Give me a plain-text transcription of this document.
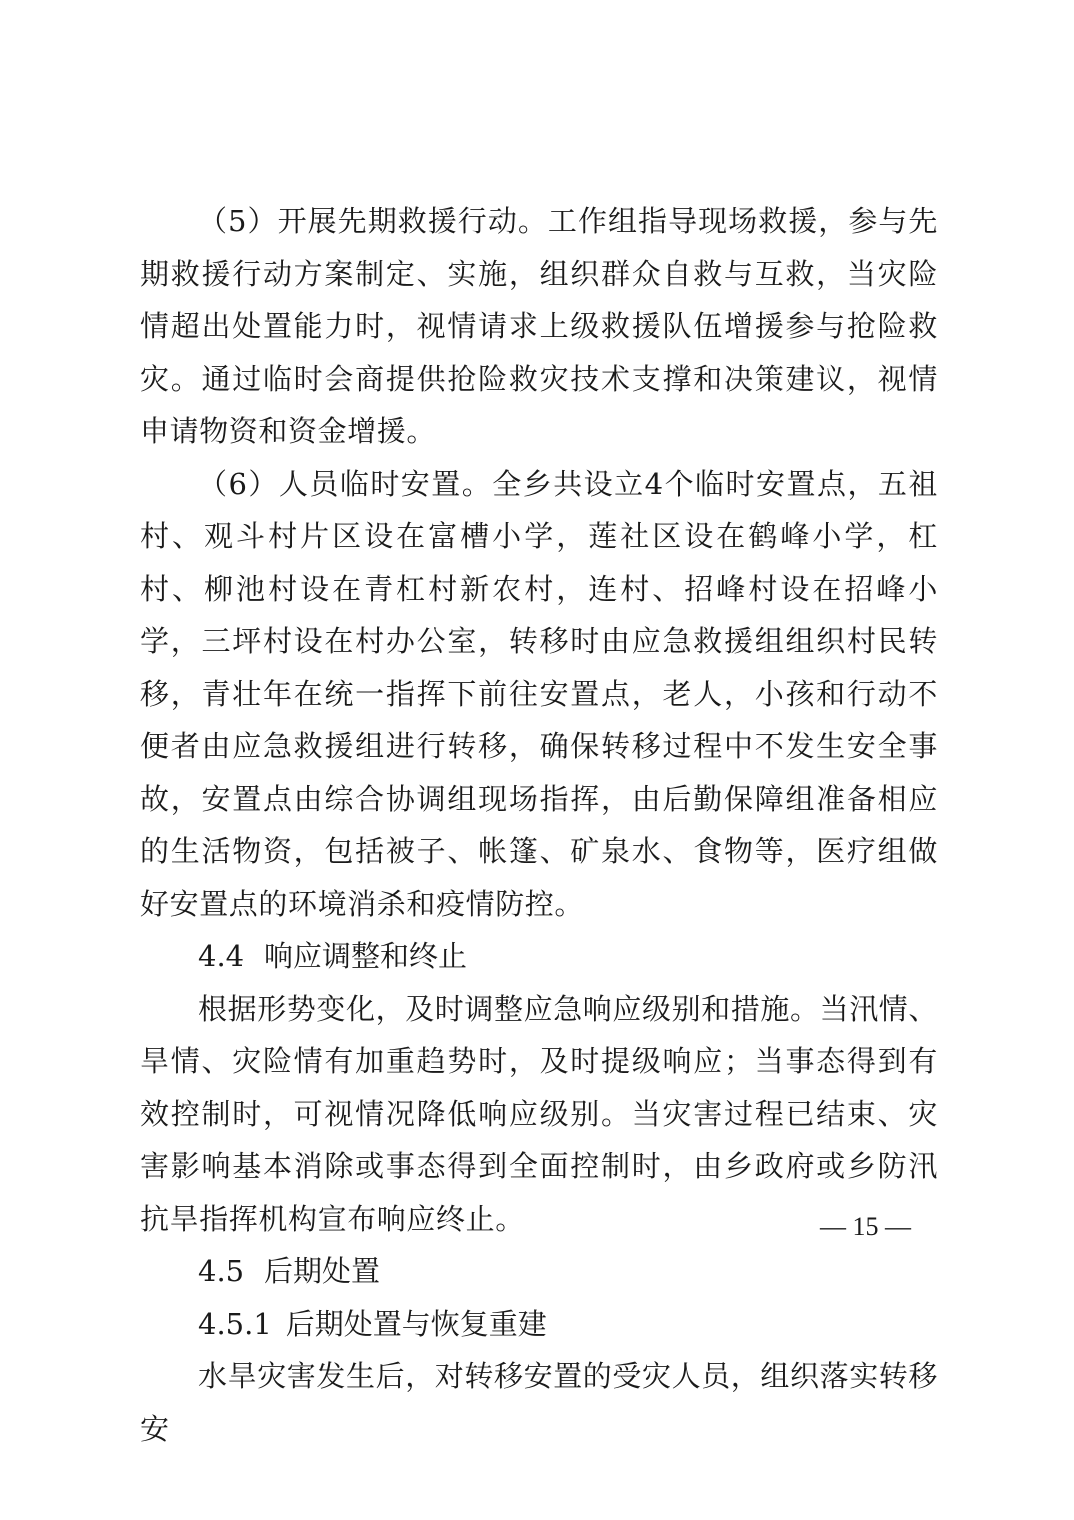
（5）开展先期救援行动。工作组指导现场救援，参与先期救援行动方案制定、实施，组织群众自救与互救，当灾险情超出处置能力时，视情请求上级救援队伍增援参与抢险救灾。通过临时会商提供抢险救灾技术支撑和决策建议，视情申请物资和资金增援。

（6）人员临时安置。全乡共设立4个临时安置点，五祖村、观斗村片区设在富槽小学，莲社区设在鹤峰小学，杠村、柳池村设在青杠村新农村，连村、招峰村设在招峰小学，三坪村设在村办公室，转移时由应急救援组组织村民转移，青壮年在统一指挥下前往安置点，老人，小孩和行动不便者由应急救援组进行转移，确保转移过程中不发生安全事故，安置点由综合协调组现场指挥，由后勤保障组准备相应的生活物资，包括被子、帐篷、矿泉水、食物等，医疗组做好安置点的环境消杀和疫情防控。

4.4 响应调整和终止

根据形势变化，及时调整应急响应级别和措施。当汛情、旱情、灾险情有加重趋势时，及时提级响应；当事态得到有效控制时，可视情况降低响应级别。当灾害过程已结束、灾害影响基本消除或事态得到全面控制时，由乡政府或乡防汛抗旱指挥机构宣布响应终止。

4.5 后期处置
4.5.1 后期处置与恢复重建

水旱灾害发生后，对转移安置的受灾人员，组织落实转移安

— 15 —
